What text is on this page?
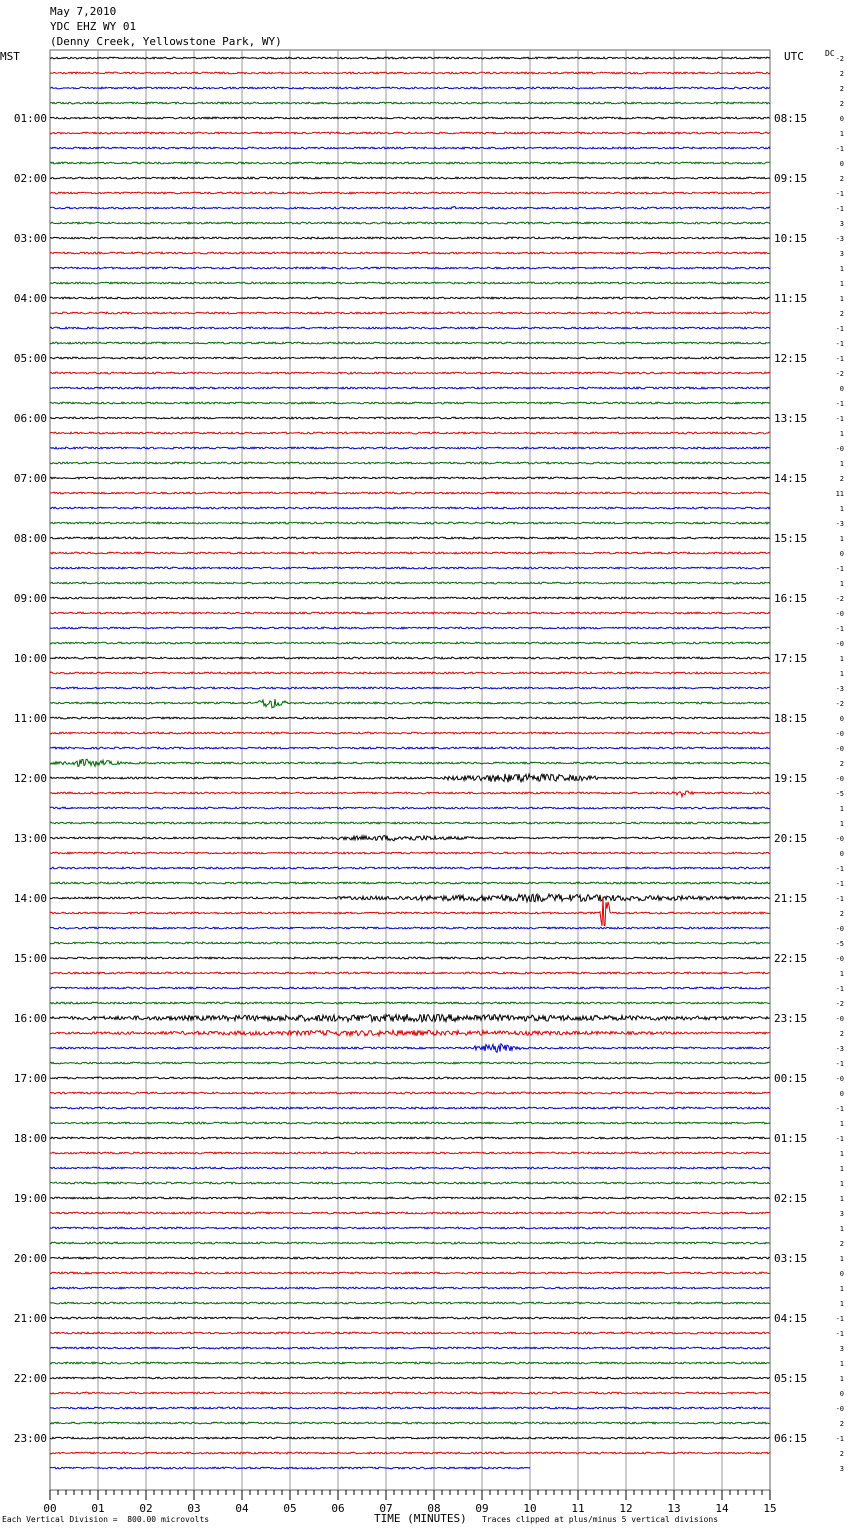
May 7,2010
YDC EHZ WY 01
(Denny Creek, Yellowstone Park, WY)
MST	UTC	DC
01:00
02:00
03:00
04:00
05:00
06:00
07:00
08:00
09:00
10:00
11:00
12:00
13:00
14:00
15:00
16:00
17:00
18:00
19:00
20:00
21:00
22:00
23:00
08:15
09:15
10:15
11:15
12:15
13:15
14:15
15:15
16:15
17:15
18:15
19:15
20:15
21:15
22:15
23:15
00:15
01:15
02:15
03:15
04:15
05:15
06:15
-2
2
2
2
0
1
-1
0
2
-1
-1
3
-3
3
1
1
1
2
-1
-1
-1
-2
0
-1
-1
1
-0
1
2
11
1
-3
1
0
-1
1
-2
-0
-1
-0
1
1
-3
-2
0
-0
-0
2
-0
-5
1
1
-0
0
-1
-1
-1
2
-0
-5
-0
1
-1
-2
-0
2
-3
-1
-0
0
-1
1
-1
1
1
1
1
3
1
2
1
0
1
1
-1
-1
3
1
1
0
-0
2
-1
2
3
00	01	02	03	04	05	06	07	08	09	10	11	12	13	14	15
Each Vertical Division =  800.00 microvolts	TIME (MINUTES) Traces clipped at plus/minus 5 vertical divisions
